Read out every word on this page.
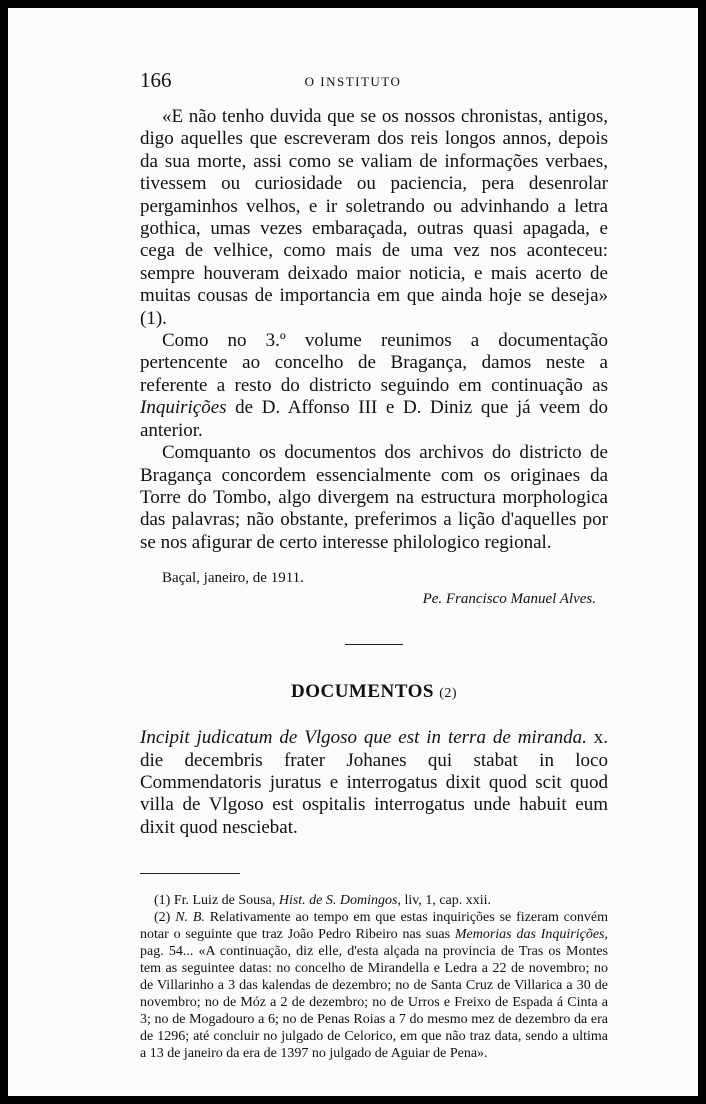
166	O INSTITUTO

«E não tenho duvida que se os nossos chronistas, antigos, digo aquelles que escreveram dos reis longos annos, depois da sua morte, assi como se valiam de informações verbaes, tivessem ou curiosidade ou paciencia, pera desenrolar pergaminhos velhos, e ir soletrando ou advinhando a letra gothica, umas vezes embaraçada, outras quasi apagada, e cega de velhice, como mais de uma vez nos aconteceu: sempre houveram deixado maior noticia, e mais acerto de muitas cousas de importancia em que ainda hoje se deseja» (1).

Como no 3.º volume reunimos a documentação pertencente ao concelho de Bragança, damos neste a referente a resto do districto seguindo em continuação as Inquirições de D. Affonso III e D. Diniz que já veem do anterior.

Comquanto os documentos dos archivos do districto de Bragança concordem essencialmente com os originaes da Torre do Tombo, algo divergem na estructura morphologica das palavras; não obstante, preferimos a lição d'aquelles por se nos afigurar de certo interesse philologico regional.

Baçal, janeiro, de 1911.
Pe. Francisco Manuel Alves.
DOCUMENTOS (2)
Incipit judicatum de Vlgoso que est in terra de miranda. x. die decembris frater Johanes qui stabat in loco Commendatoris juratus e interrogatus dixit quod scit quod villa de Vlgoso est ospitalis interrogatus unde habuit eum dixit quod nesciebat.

(1) Fr. Luiz de Sousa, Hist. de S. Domingos, liv, 1, cap. xxii.

(2) N. B. Relativamente ao tempo em que estas inquirições se fizeram convém notar o seguinte que traz João Pedro Ribeiro nas suas Memorias das Inquirições, pag. 54... «A continuação, diz elle, d'esta alçada na provincia de Tras os Montes tem as seguintee datas: no concelho de Mirandella e Ledra a 22 de novembro; no de Villarinho a 3 das kalendas de dezembro; no de Santa Cruz de Villarica a 30 de novembro; no de Móz a 2 de dezembro; no de Urros e Freixo de Espada á Cinta a 3; no de Mogadouro a 6; no de Penas Roias a 7 do mesmo mez de dezembro da era de 1296; até concluir no julgado de Celorico, em que não traz data, sendo a ultima a 13 de janeiro da era de 1397 no julgado de Aguiar de Pena».
